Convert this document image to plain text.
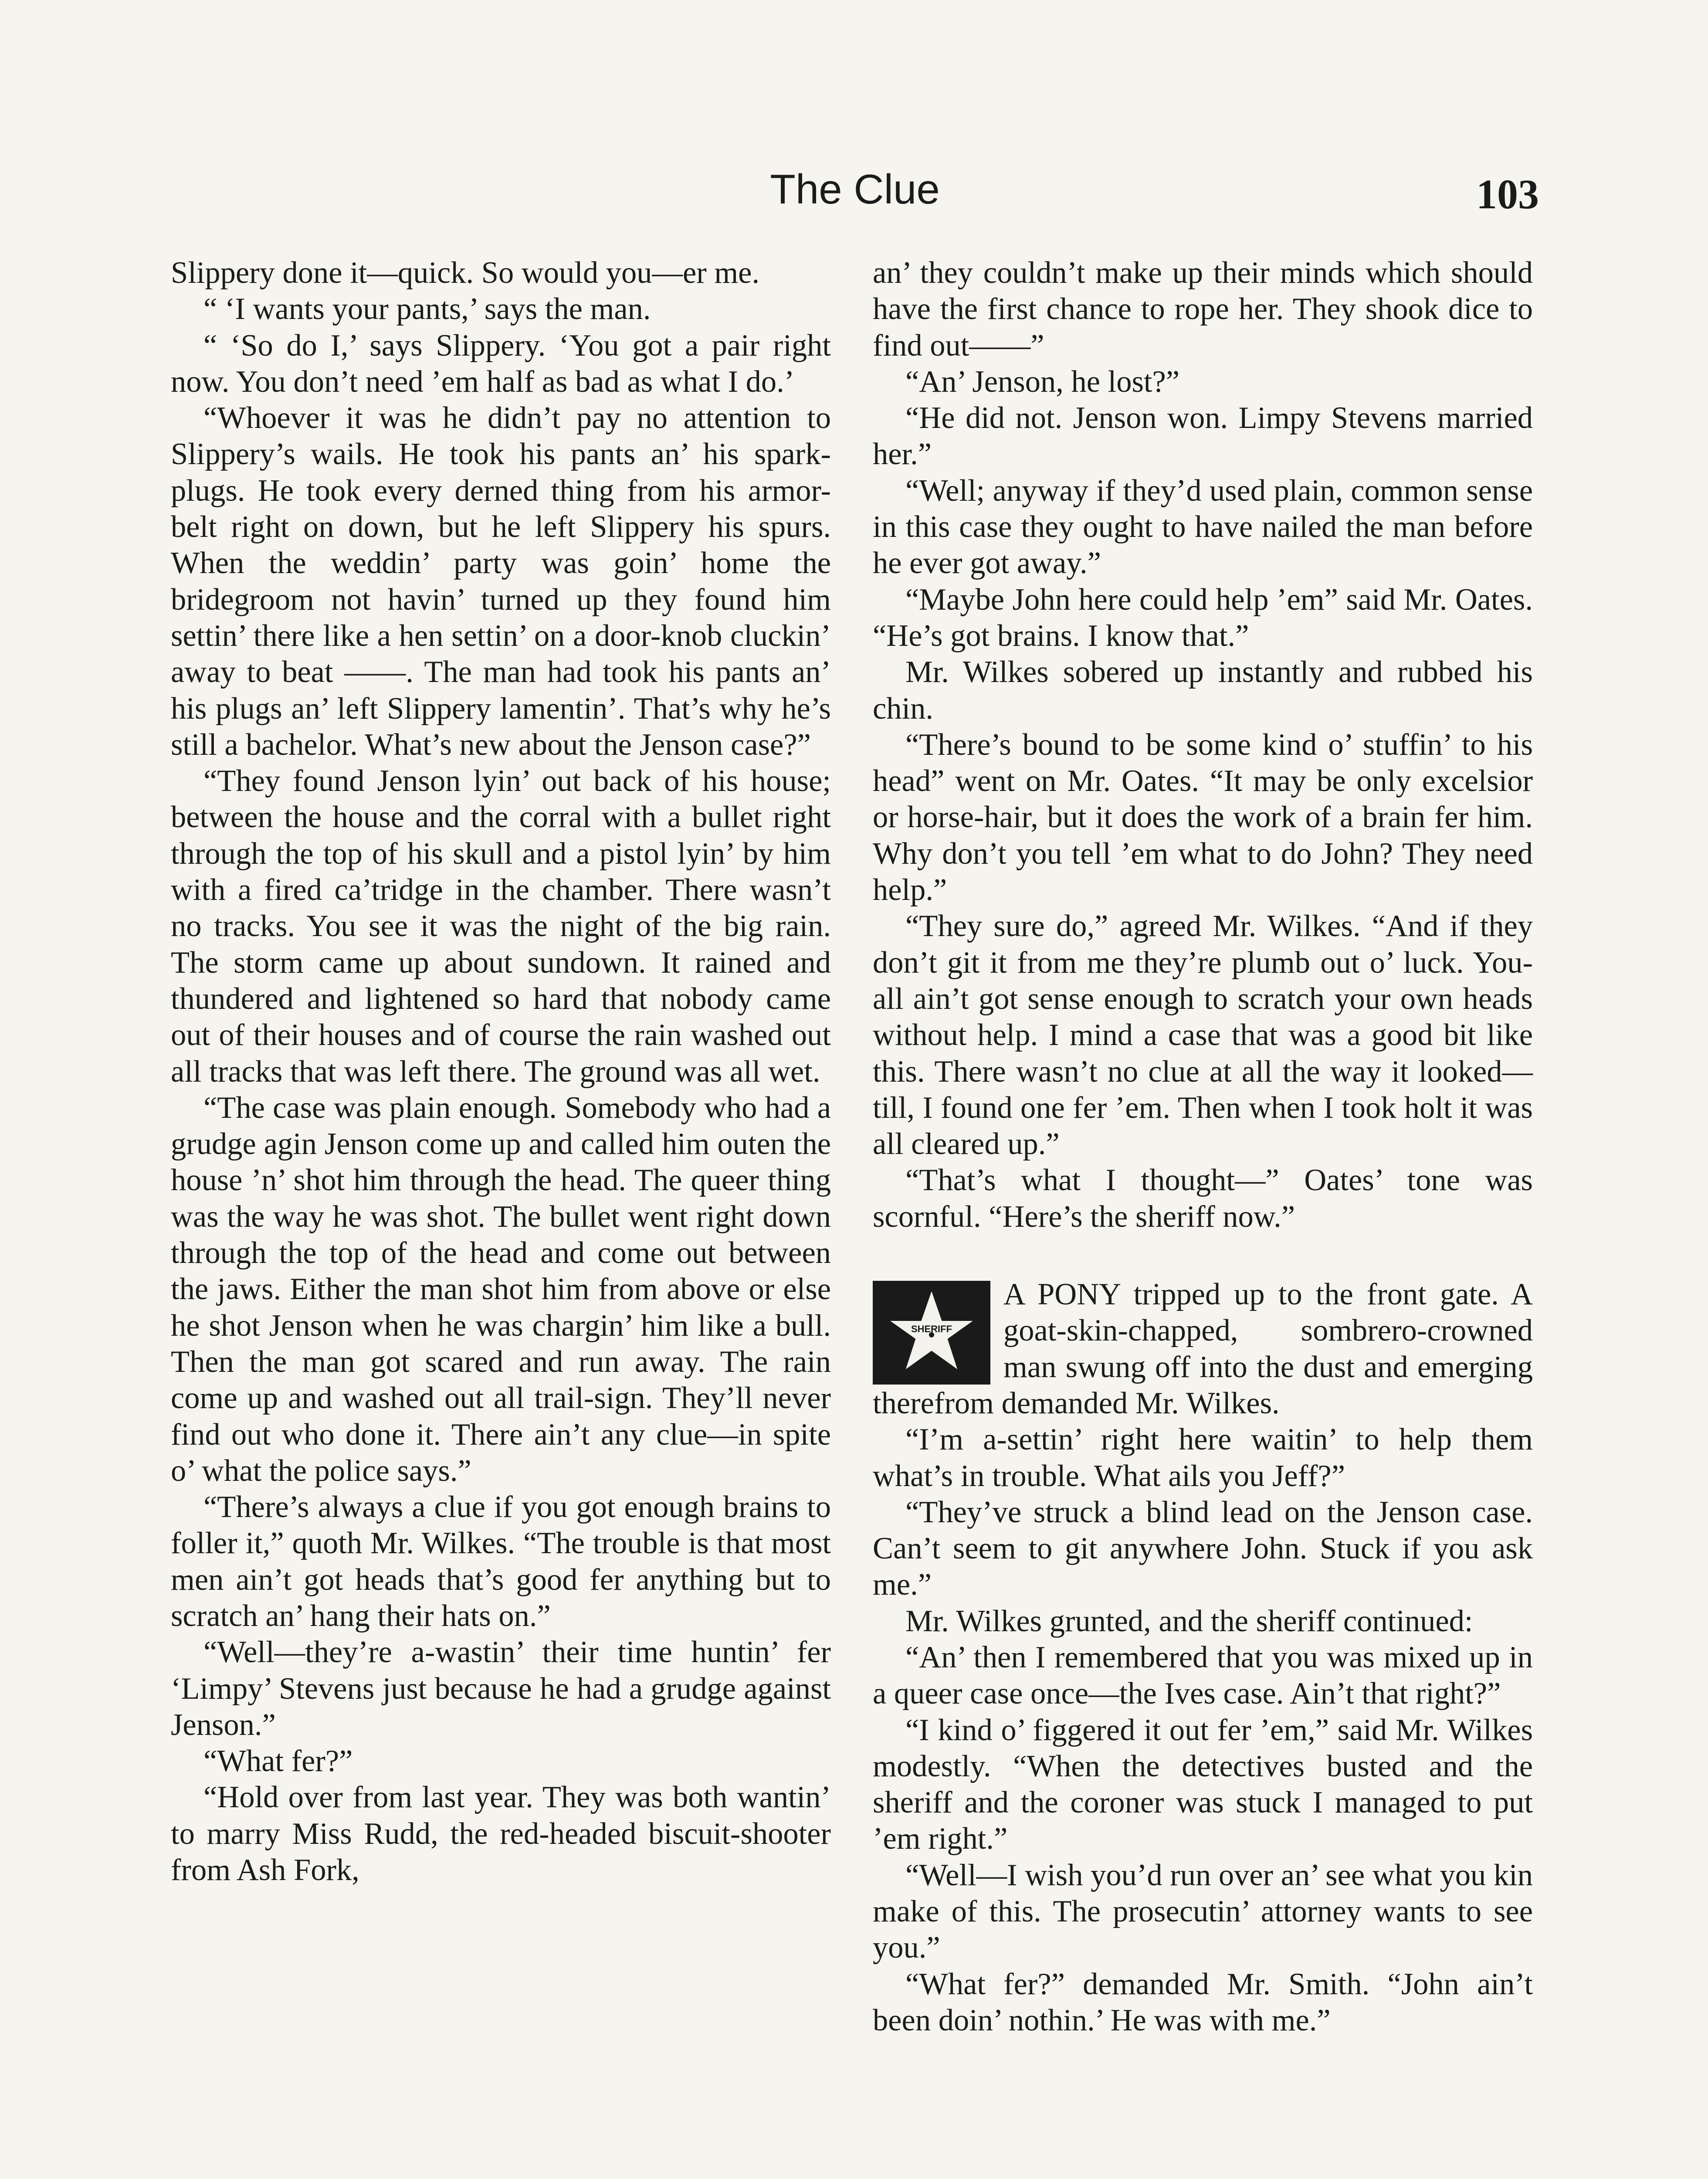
The Clue	103

Slippery done it—quick. So would you—er me.

“ ‘I wants your pants,’ says the man.

“ ‘So do I,’ says Slippery. ‘You got a pair right now. You don’t need ’em half as bad as what I do.’

“Whoever it was he didn’t pay no attention to Slippery’s wails. He took his pants an’ his spark-plugs. He took every derned thing from his armor-belt right on down, but he left Slippery his spurs. When the weddin’ party was goin’ home the bridegroom not havin’ turned up they found him settin’ there like a hen settin’ on a door-knob cluckin’ away to beat ——. The man had took his pants an’ his plugs an’ left Slippery lamentin’. That’s why he’s still a bachelor. What’s new about the Jenson case?”

“They found Jenson lyin’ out back of his house; between the house and the corral with a bullet right through the top of his skull and a pistol lyin’ by him with a fired ca’tridge in the chamber. There wasn’t no tracks. You see it was the night of the big rain. The storm came up about sundown. It rained and thundered and lightened so hard that nobody came out of their houses and of course the rain washed out all tracks that was left there. The ground was all wet.

“The case was plain enough. Somebody who had a grudge agin Jenson come up and called him outen the house ’n’ shot him through the head. The queer thing was the way he was shot. The bullet went right down through the top of the head and come out between the jaws. Either the man shot him from above or else he shot Jenson when he was chargin’ him like a bull. Then the man got scared and run away. The rain come up and washed out all trail-sign. They’ll never find out who done it. There ain’t any clue—in spite o’ what the police says.”

“There’s always a clue if you got enough brains to foller it,” quoth Mr. Wilkes. “The trouble is that most men ain’t got heads that’s good fer anything but to scratch an’ hang their hats on.”

“Well—they’re a-wastin’ their time huntin’ fer ‘Limpy’ Stevens just because he had a grudge against Jenson.”

“What fer?”

“Hold over from last year. They was both wantin’ to marry Miss Rudd, the red-headed biscuit-shooter from Ash Fork,

an’ they couldn’t make up their minds which should have the first chance to rope her. They shook dice to find out——”

“An’ Jenson, he lost?”

“He did not. Jenson won. Limpy Stevens married her.”

“Well; anyway if they’d used plain, common sense in this case they ought to have nailed the man before he ever got away.”

“Maybe John here could help ’em” said Mr. Oates. “He’s got brains. I know that.”

Mr. Wilkes sobered up instantly and rubbed his chin.

“There’s bound to be some kind o’ stuffin’ to his head” went on Mr. Oates. “It may be only excelsior or horse-hair, but it does the work of a brain fer him. Why don’t you tell ’em what to do John? They need help.”

“They sure do,” agreed Mr. Wilkes. “And if they don’t git it from me they’re plumb out o’ luck. You-all ain’t got sense enough to scratch your own heads without help. I mind a case that was a good bit like this. There wasn’t no clue at all the way it looked—till, I found one fer ’em. Then when I took holt it was all cleared up.”

“That’s what I thought—” Oates’ tone was scornful. “Here’s the sheriff now.”

SHERIFF
A PONY tripped up to the front gate. A goat-skin-chapped, sombrero-crowned man swung off into the dust and emerging therefrom demanded Mr. Wilkes.

“I’m a-settin’ right here waitin’ to help them what’s in trouble. What ails you Jeff?”

“They’ve struck a blind lead on the Jenson case. Can’t seem to git anywhere John. Stuck if you ask me.”

Mr. Wilkes grunted, and the sheriff continued:

“An’ then I remembered that you was mixed up in a queer case once—the Ives case. Ain’t that right?”

“I kind o’ figgered it out fer ’em,” said Mr. Wilkes modestly. “When the detectives busted and the sheriff and the coroner was stuck I managed to put ’em right.”

“Well—I wish you’d run over an’ see what you kin make of this. The prosecutin’ attorney wants to see you.”

“What fer?” demanded Mr. Smith. “John ain’t been doin’ nothin.’ He was with me.”
